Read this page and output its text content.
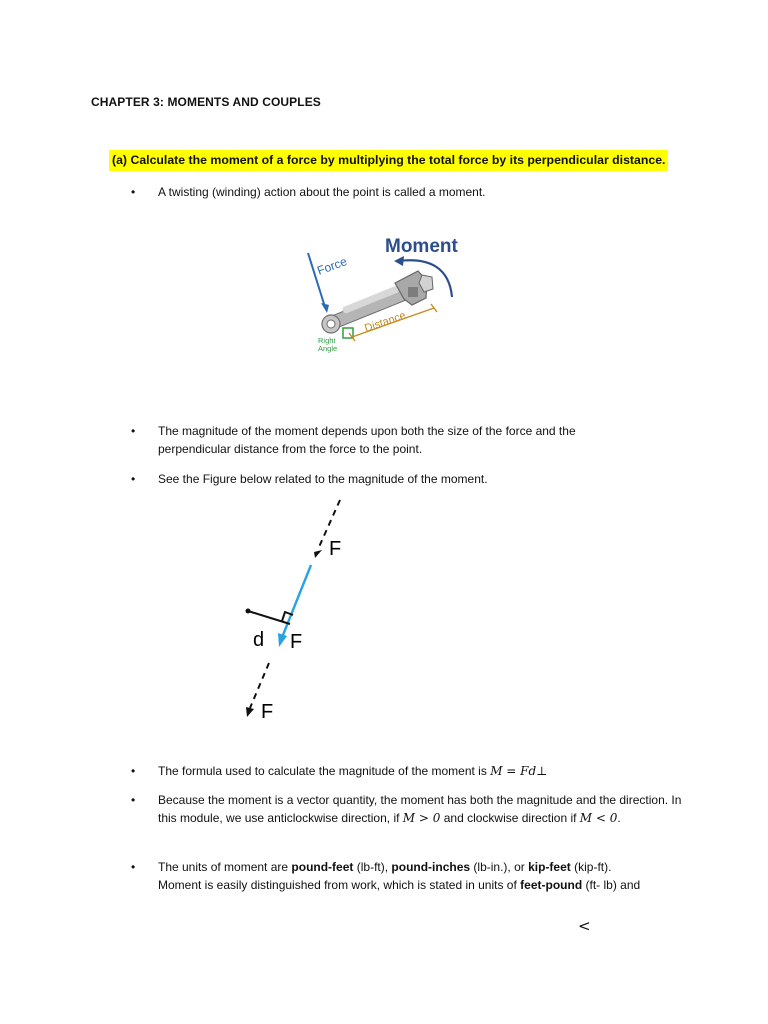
CHAPTER 3: MOMENTS AND COUPLES
(a) Calculate the moment of a force by multiplying the total force by its perpendicular distance.
• A twisting (winding) action about the point is called a moment.
Moment
Force
Right
Angle
Distance
• The magnitude of the moment depends upon both the size of the force and the perpendicular distance from the force to the point.
• See the Figure below related to the magnitude of the moment.
F
F
d
F
• The formula used to calculate the magnitude of the moment is M = Fd⊥
• Because the moment is a vector quantity, the moment has both the magnitude and the direction. In this module, we use anticlockwise direction, if M > 0 and clockwise direction if M < 0.
• The units of moment are pound-feet (lb-ft), pound-inches (lb-in.), or kip-feet (kip-ft). Moment is easily distinguished from work, which is stated in units of feet-pound (ft- lb) and
<
